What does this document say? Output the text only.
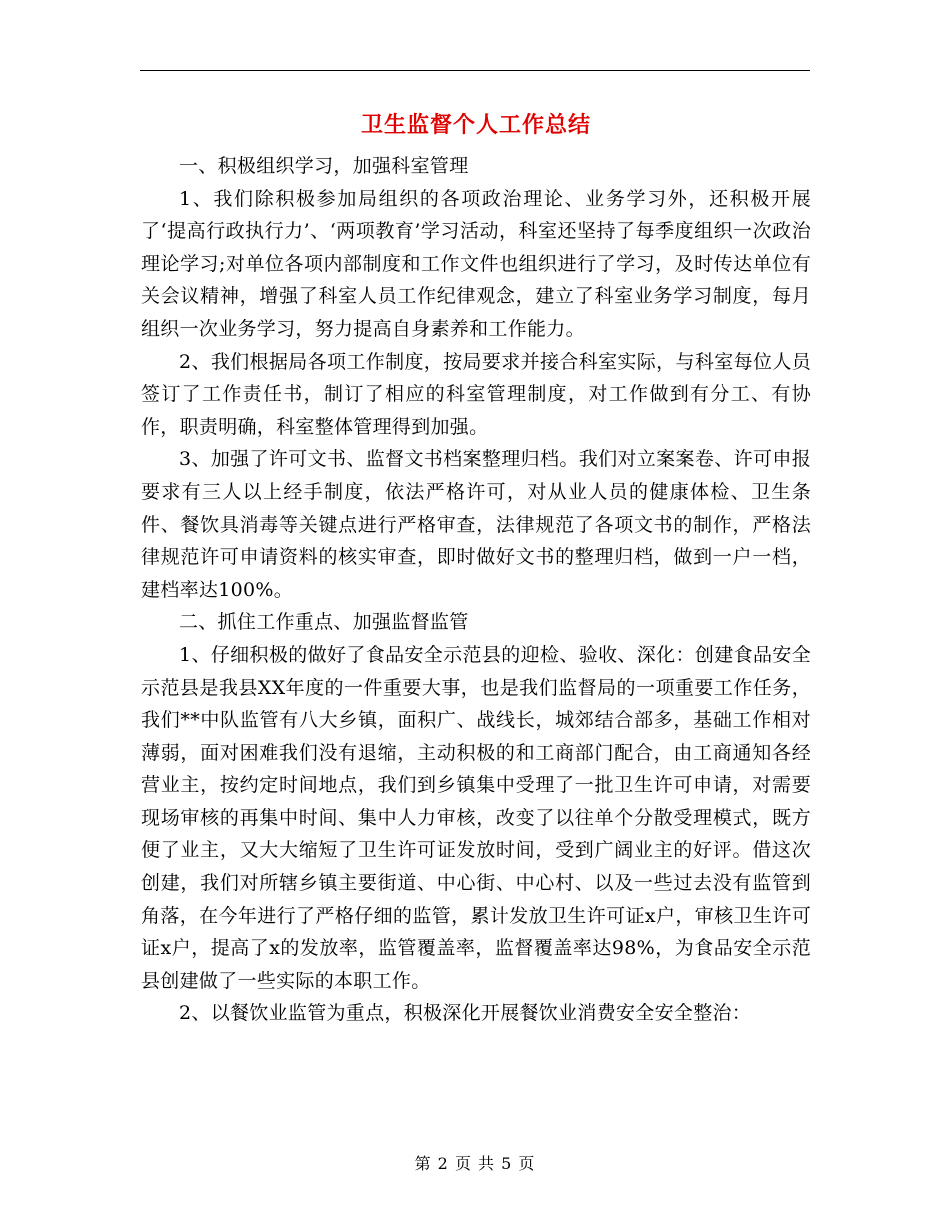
卫生监督个人工作总结

一、积极组织学习，加强科室管理

1、我们除积极参加局组织的各项政治理论、业务学习外，还积极开展了‘提高行政执行力’、‘两项教育’学习活动，科室还坚持了每季度组织一次政治理论学习;对单位各项内部制度和工作文件也组织进行了学习，及时传达单位有关会议精神，增强了科室人员工作纪律观念，建立了科室业务学习制度，每月组织一次业务学习，努力提高自身素养和工作能力。

2、我们根据局各项工作制度，按局要求并接合科室实际，与科室每位人员签订了工作责任书，制订了相应的科室管理制度，对工作做到有分工、有协作，职责明确，科室整体管理得到加强。

3、加强了许可文书、监督文书档案整理归档。我们对立案案卷、许可申报要求有三人以上经手制度，依法严格许可，对从业人员的健康体检、卫生条件、餐饮具消毒等关键点进行严格审查，法律规范了各项文书的制作，严格法律规范许可申请资料的核实审查，即时做好文书的整理归档，做到一户一档，建档率达100%。

二、抓住工作重点、加强监督监管

1、仔细积极的做好了食品安全示范县的迎检、验收、深化：创建食品安全示范县是我县XX年度的一件重要大事，也是我们监督局的一项重要工作任务，我们**中队监管有八大乡镇，面积广、战线长，城郊结合部多，基础工作相对薄弱，面对困难我们没有退缩，主动积极的和工商部门配合，由工商通知各经营业主，按约定时间地点，我们到乡镇集中受理了一批卫生许可申请，对需要现场审核的再集中时间、集中人力审核，改变了以往单个分散受理模式，既方便了业主，又大大缩短了卫生许可证发放时间，受到广阔业主的好评。借这次创建，我们对所辖乡镇主要街道、中心街、中心村、以及一些过去没有监管到角落，在今年进行了严格仔细的监管，累计发放卫生许可证x户，审核卫生许可证x户，提高了x的发放率，监管覆盖率，监督覆盖率达98%，为食品安全示范县创建做了一些实际的本职工作。

2、以餐饮业监管为重点，积极深化开展餐饮业消费安全安全整治：

第 2 页 共 5 页
